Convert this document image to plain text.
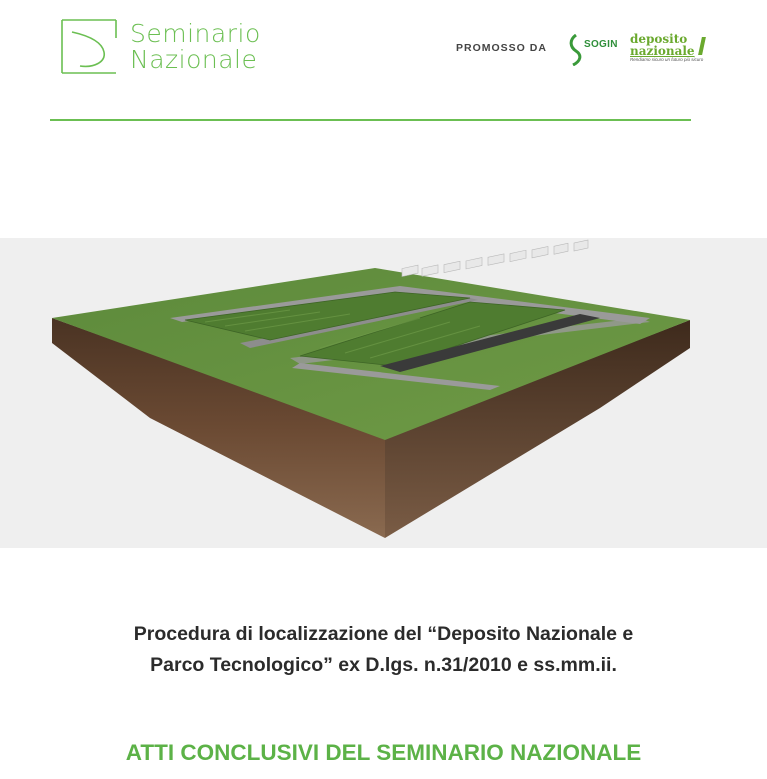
Seminario
Nazionale	PROMOSSO DA	SOGIN deposito
nazionale
Rendiamo sicuro un futuro più sicuro
Procedura di localizzazione del “Deposito Nazionale e
Parco Tecnologico” ex D.lgs. n.31/2010 e ss.mm.ii.
ATTI CONCLUSIVI DEL SEMINARIO NAZIONALE
